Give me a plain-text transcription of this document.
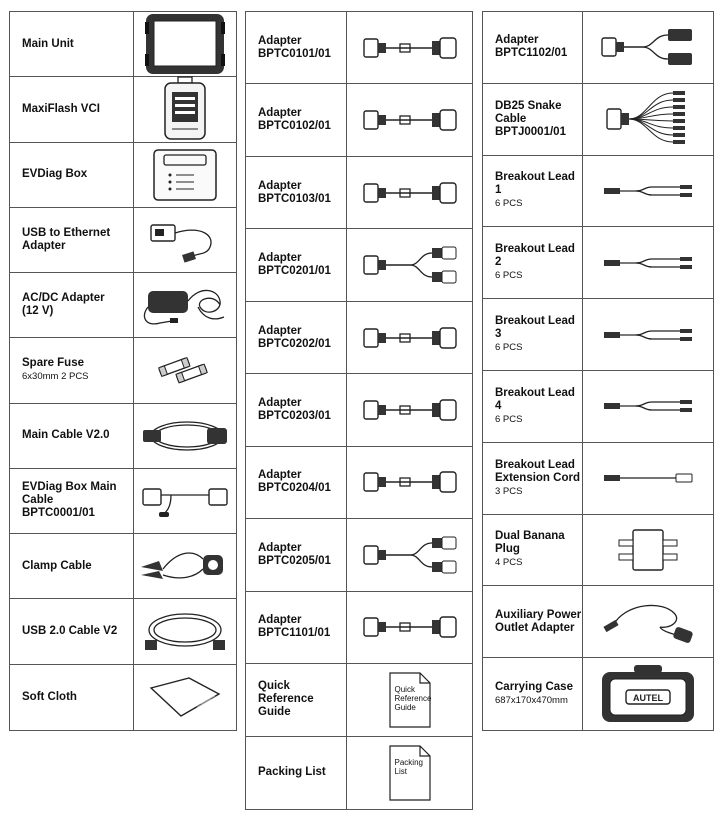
Main Unit
MaxiFlash VCI
EVDiag Box
USB to Ethernet
Adapter
AC/DC Adapter
(12 V)
Spare Fuse
6x30mm 2 PCS
Main Cable V2.0
EVDiag Box Main
Cable
BPTC0001/01
Clamp Cable
USB 2.0 Cable V2
Soft Cloth
Adapter
BPTC0101/01
Adapter
BPTC0102/01
Adapter
BPTC0103/01
Adapter
BPTC0201/01
Adapter
BPTC0202/01
Adapter
BPTC0203/01
Adapter
BPTC0204/01
Adapter
BPTC0205/01
Adapter
BPTC1101/01
Quick Reference
Guide
Quick
Reference
Guide
Packing List
Packing
List
Adapter
BPTC1102/01
DB25 Snake
Cable
BPTJ0001/01
Breakout Lead 1
6 PCS
Breakout Lead 2
6 PCS
Breakout Lead 3
6 PCS
Breakout Lead 4
6 PCS
Breakout Lead
Extension Cord
3 PCS
Dual Banana Plug
4 PCS
Auxiliary Power
Outlet Adapter
Carrying Case
687x170x470mm	AUTEL
